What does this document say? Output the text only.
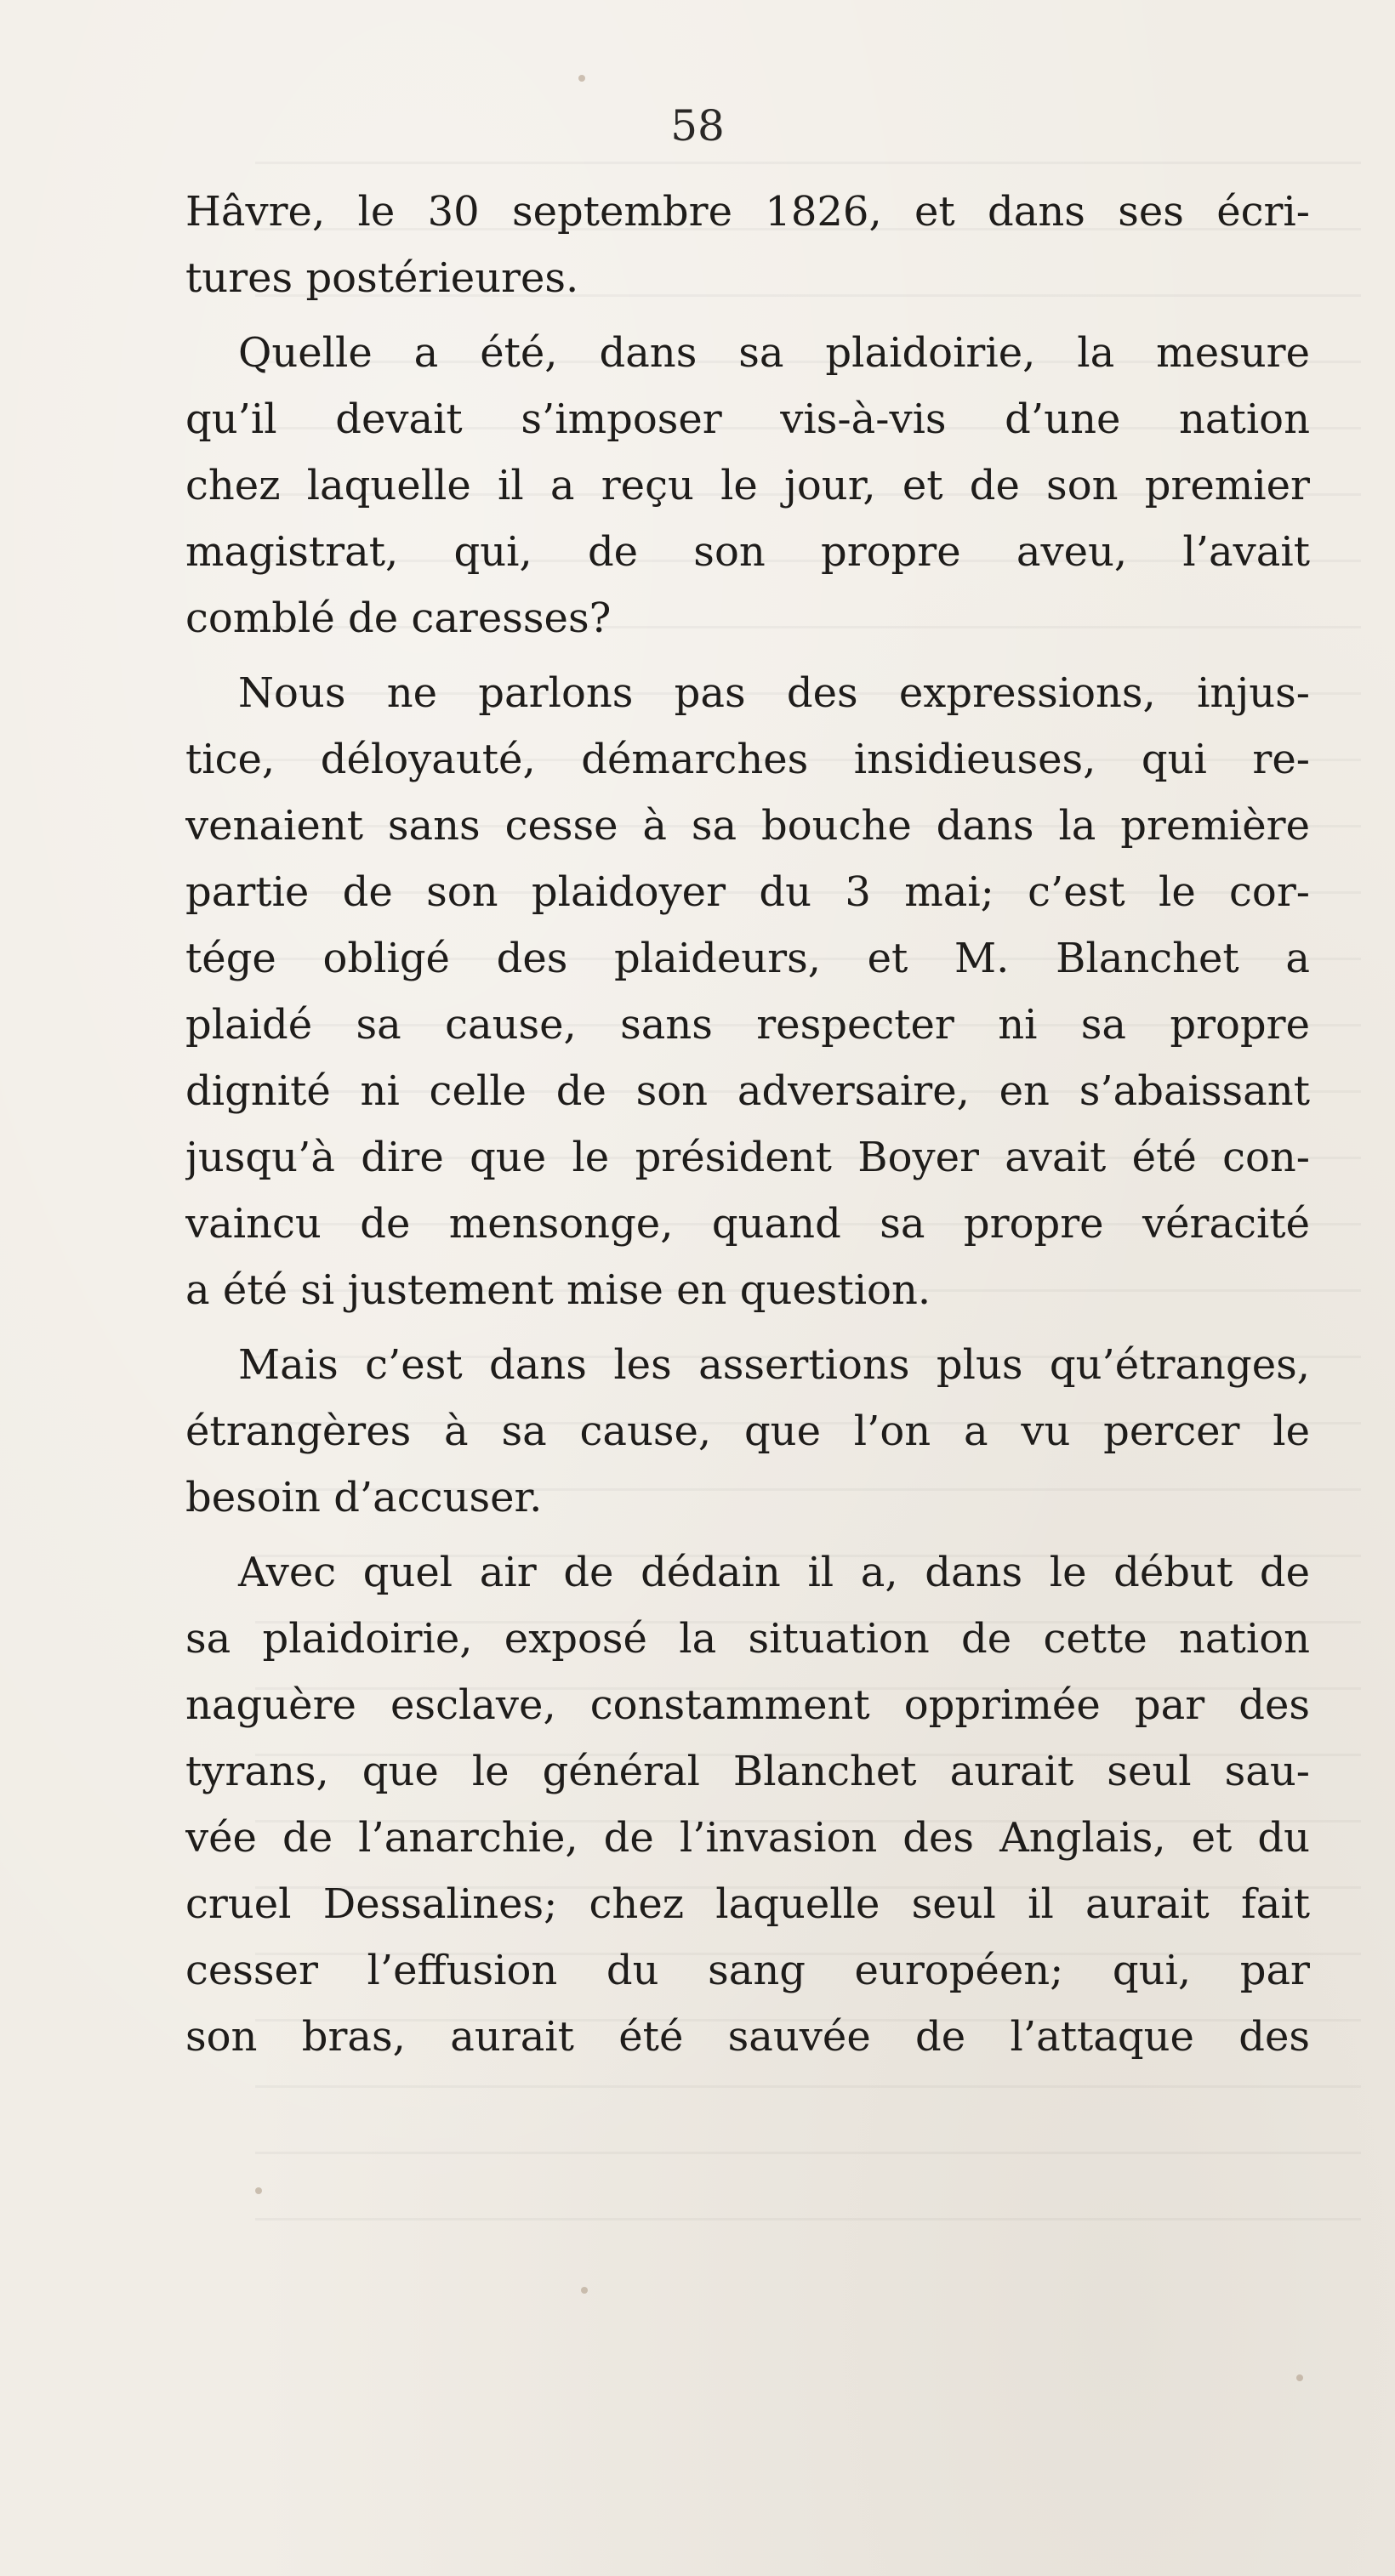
58
Hâvre, le 30 septembre 1826, et dans ses écri-
tures postérieures.
Quelle a été, dans sa plaidoirie, la mesure
qu’il devait s’imposer vis-à-vis d’une nation
chez laquelle il a reçu le jour, et de son premier
magistrat, qui, de son propre aveu, l’avait
comblé de caresses?
Nous ne parlons pas des expressions, injus-
tice, déloyauté, démarches insidieuses, qui re-
venaient sans cesse à sa bouche dans la première
partie de son plaidoyer du 3 mai; c’est le cor-
tége obligé des plaideurs, et M. Blanchet a
plaidé sa cause, sans respecter ni sa propre
dignité ni celle de son adversaire, en s’abaissant
jusqu’à dire que le président Boyer avait été con-
vaincu de mensonge, quand sa propre véracité
a été si justement mise en question.
Mais c’est dans les assertions plus qu’étranges,
étrangères à sa cause, que l’on a vu percer le
besoin d’accuser.
Avec quel air de dédain il a, dans le début de
sa plaidoirie, exposé la situation de cette nation
naguère esclave, constamment opprimée par des
tyrans, que le général Blanchet aurait seul sau-
vée de l’anarchie, de l’invasion des Anglais, et du
cruel Dessalines; chez laquelle seul il aurait fait
cesser l’effusion du sang européen; qui, par
son bras, aurait été sauvée de l’attaque des
